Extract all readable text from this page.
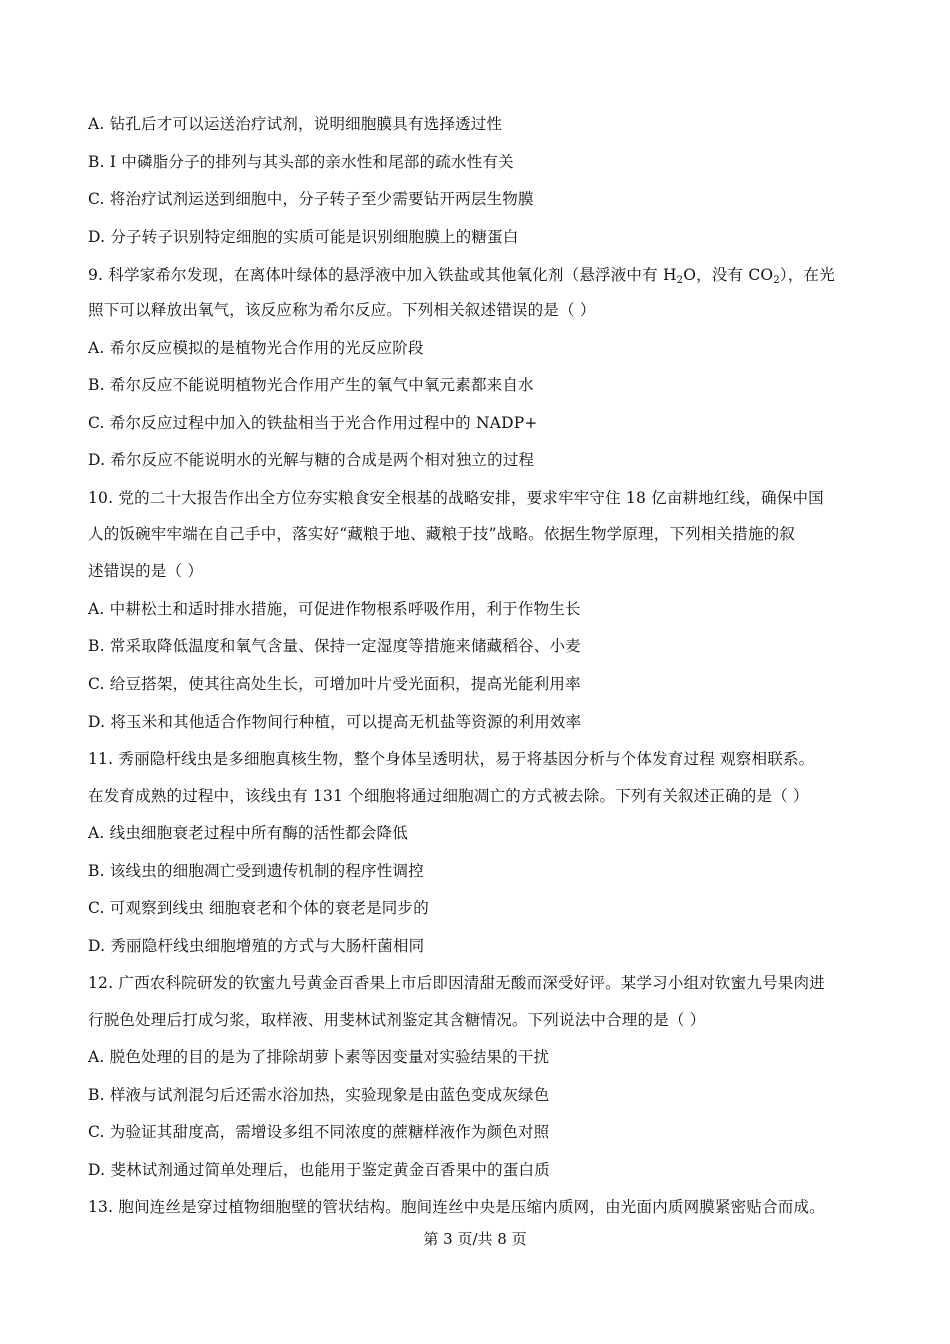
A. 钻孔后才可以运送治疗试剂，说明细胞膜具有选择透过性
B. I 中磷脂分子的排列与其头部的亲水性和尾部的疏水性有关
C. 将治疗试剂运送到细胞中，分子转子至少需要钻开两层生物膜
D. 分子转子识别特定细胞的实质可能是识别细胞膜上的糖蛋白
9. 科学家希尔发现，在离体叶绿体的悬浮液中加入铁盐或其他氧化剂（悬浮液中有 $H_2O$，没有 $CO_2$），在光
照下可以释放出氧气，该反应称为希尔反应。下列相关叙述错误的是（ ）
A. 希尔反应模拟的是植物光合作用的光反应阶段
B. 希尔反应不能说明植物光合作用产生的氧气中氧元素都来自水
C. 希尔反应过程中加入的铁盐相当于光合作用过程中的 NADP+
D. 希尔反应不能说明水的光解与糖的合成是两个相对独立的过程
10. 党的二十大报告作出全方位夯实粮食安全根基的战略安排，要求牢牢守住 18 亿亩耕地红线，确保中国
人的饭碗牢牢端在自己手中，落实好“藏粮于地、藏粮于技”战略。依据生物学原理，下列相关措施的叙
述错误的是（ ）
A. 中耕松土和适时排水措施，可促进作物根系呼吸作用，利于作物生长
B. 常采取降低温度和氧气含量、保持一定湿度等措施来储藏稻谷、小麦
C. 给豆搭架，使其往高处生长，可增加叶片受光面积，提高光能利用率
D. 将玉米和其他适合作物间行种植，可以提高无机盐等资源的利用效率
11. 秀丽隐杆线虫是多细胞真核生物，整个身体呈透明状，易于将基因分析与个体发育过程 观察相联系。
在发育成熟的过程中，该线虫有 131 个细胞将通过细胞凋亡的方式被去除。下列有关叙述正确的是（ ）
A. 线虫细胞衰老过程中所有酶的活性都会降低
B. 该线虫的细胞凋亡受到遗传机制的程序性调控
C. 可观察到线虫 细胞衰老和个体的衰老是同步的
D. 秀丽隐杆线虫细胞增殖的方式与大肠杆菌相同
12. 广西农科院研发的钦蜜九号黄金百香果上市后即因清甜无酸而深受好评。某学习小组对钦蜜九号果肉进
行脱色处理后打成匀浆，取样液、用斐林试剂鉴定其含糖情况。下列说法中合理的是（ ）
A. 脱色处理的目的是为了排除胡萝卜素等因变量对实验结果的干扰
B. 样液与试剂混匀后还需水浴加热，实验现象是由蓝色变成灰绿色
C. 为验证其甜度高，需增设多组不同浓度的蔗糖样液作为颜色对照
D. 斐林试剂通过简单处理后，也能用于鉴定黄金百香果中的蛋白质
13. 胞间连丝是穿过植物细胞壁的管状结构。胞间连丝中央是压缩内质网，由光面内质网膜紧密贴合而成。
第 3 页/共 8 页
